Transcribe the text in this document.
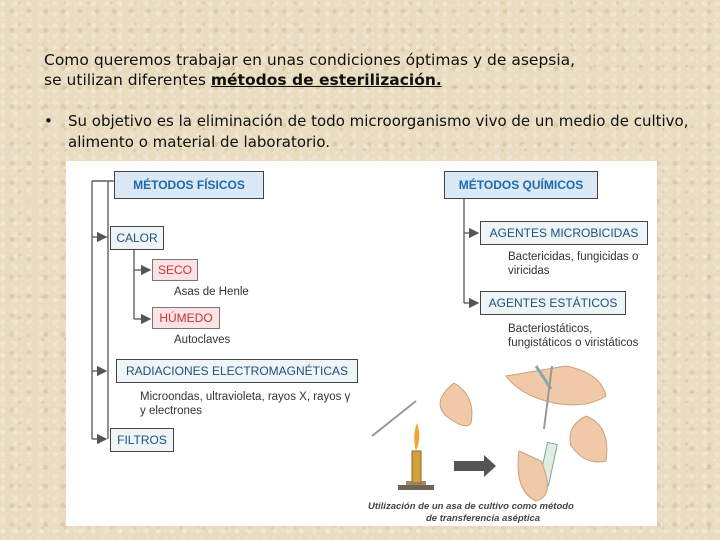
Como queremos trabajar en unas condiciones óptimas y de asepsia,
se utilizan diferentes métodos de esterilización.
• Su objetivo es la eliminación de todo microorganismo vivo de un medio de cultivo, alimento o material de laboratorio.
MÉTODOS FÍSICOS	MÉTODOS QUÍMICOS
CALOR
SECO
Asas de Henle
HÚMEDO
Autoclaves
RADIACIONES ELECTROMAGNÉTICAS
Microondas, ultravioleta, rayos X, rayos γ
y electrones
FILTROS
AGENTES MICROBICIDAS
Bactericidas, fungicidas o
viricidas
AGENTES ESTÁTICOS
Bacteriostáticos,
fungistáticos o viristáticos
Utilización de un asa de cultivo como método
de transferencia aséptica
